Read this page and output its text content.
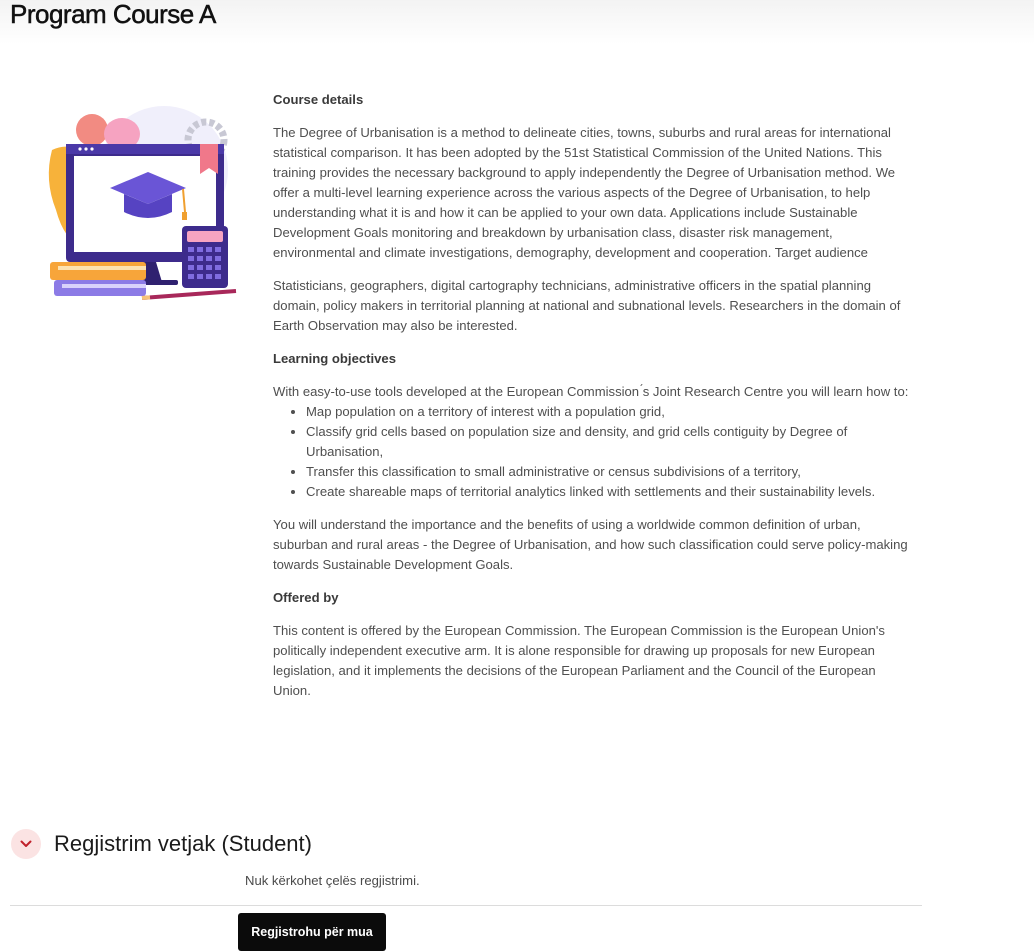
Program Course A
Course details

The Degree of Urbanisation is a method to delineate cities, towns, suburbs and rural areas for international statistical comparison. It has been adopted by the 51st Statistical Commission of the United Nations. This training provides the necessary background to apply independently the Degree of Urbanisation method. We offer a multi-level learning experience across the various aspects of the Degree of Urbanisation, to help understanding what it is and how it can be applied to your own data. Applications include Sustainable Development Goals monitoring and breakdown by urbanisation class, disaster risk management, environmental and climate investigations, demography, development and cooperation. Target audience

Statisticians, geographers, digital cartography technicians, administrative officers in the spatial planning domain, policy makers in territorial planning at national and subnational levels. Researchers in the domain of Earth Observation may also be interested.

Learning objectives

With easy-to-use tools developed at the European Commission ́s Joint Research Centre you will learn how to:

• Map population on a territory of interest with a population grid,
• Classify grid cells based on population size and density, and grid cells contiguity by Degree of Urbanisation,
• Transfer this classification to small administrative or census subdivisions of a territory,
• Create shareable maps of territorial analytics linked with settlements and their sustainability levels.

You will understand the importance and the benefits of using a worldwide common definition of urban, suburban and rural areas - the Degree of Urbanisation, and how such classification could serve policy-making towards Sustainable Development Goals.

Offered by

This content is offered by the European Commission. The European Commission is the European Union's politically independent executive arm. It is alone responsible for drawing up proposals for new European legislation, and it implements the decisions of the European Parliament and the Council of the European Union.

Regjistrim vetjak (Student)
Nuk kërkohet çelës regjistrimi.
Regjistrohu për mua
